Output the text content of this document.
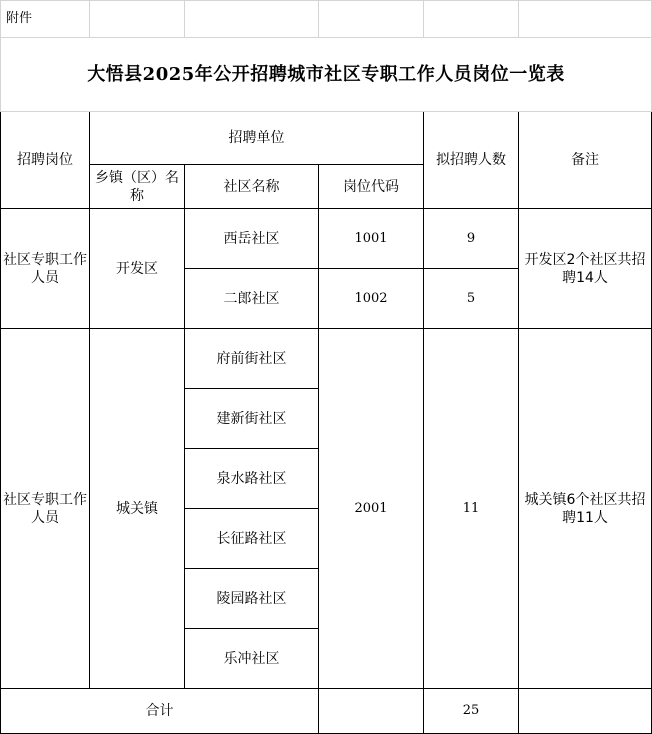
附件					
大悟县2025年公开招聘城市社区专职工作人员岗位一览表					
招聘岗位	招聘单位			拟招聘人数	备注
	乡镇（区）名称	社区名称	岗位代码		
社区专职工作人员	开发区	西岳社区	1001	9	开发区2个社区共招聘14人
		二郎社区	1002	5	
社区专职工作人员	城关镇	府前街社区	2001	11	城关镇6个社区共招聘11人
		建新街社区			
		泉水路社区			
		长征路社区			
		陵园路社区			
		乐冲社区			
合计				25	
